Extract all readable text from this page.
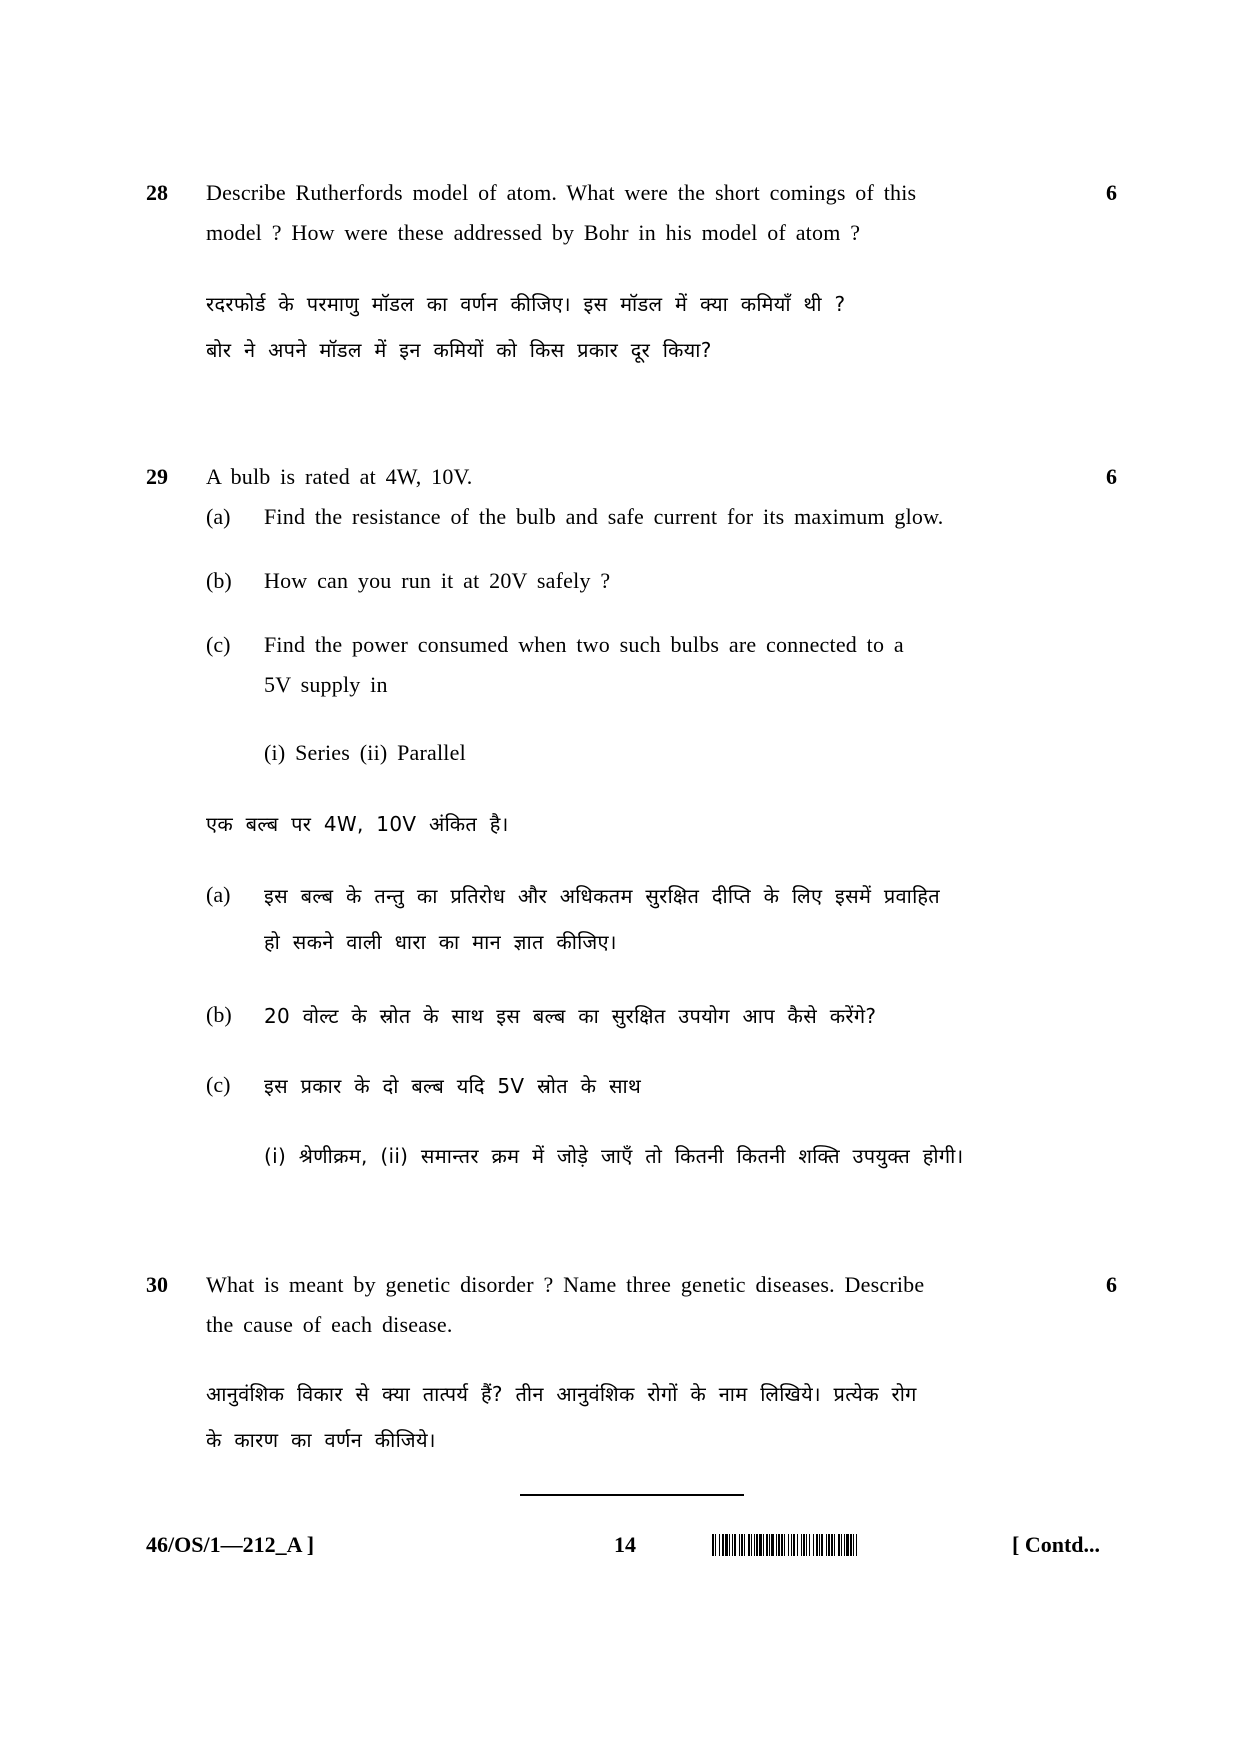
28	6
Describe Rutherfords model of atom. What were the short comings of this
model ? How were these addressed by Bohr in his model of atom ?
रदरफोर्ड के परमाणु मॉडल का वर्णन कीजिए। इस मॉडल में क्या कमियाँ थी ?
बोर ने अपने मॉडल में इन कमियों को किस प्रकार दूर किया?
29	6
A bulb is rated at 4W, 10V.
(a) Find the resistance of the bulb and safe current for its maximum glow.
(b) How can you run it at 20V safely ?
(c) Find the power consumed when two such bulbs are connected to a
5V supply in
(i) Series (ii) Parallel
एक बल्ब पर 4W, 10V अंकित है।
(a) इस बल्ब के तन्तु का प्रतिरोध और अधिकतम सुरक्षित दीप्ति के लिए इसमें प्रवाहित
हो सकने वाली धारा का मान ज्ञात कीजिए।
(b) 20 वोल्ट के स्रोत के साथ इस बल्ब का सुरक्षित उपयोग आप कैसे करेंगे?
(c) इस प्रकार के दो बल्ब यदि 5V स्रोत के साथ
(i) श्रेणीक्रम, (ii) समान्तर क्रम में जोड़े जाएँ तो कितनी कितनी शक्ति उपयुक्त होगी।
30	6
What is meant by genetic disorder ? Name three genetic diseases. Describe
the cause of each disease.
आनुवंशिक विकार से क्या तात्पर्य हैं? तीन आनुवंशिक रोगों के नाम लिखिये। प्रत्येक रोग
के कारण का वर्णन कीजिये।
46/OS/1—212_A ]	14	[ Contd...
